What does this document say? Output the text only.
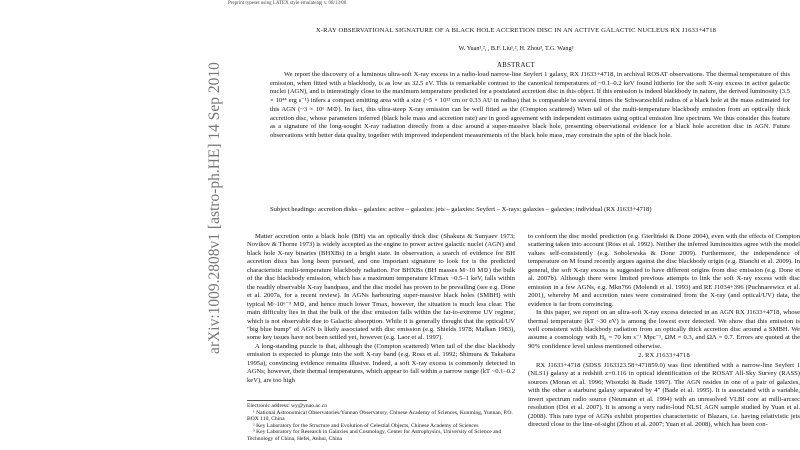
Preprint typeset using LATEX style emulateapj v. 08/13/06
arXiv:1009.2808v1 [astro-ph.HE] 14 Sep 2010
X-RAY OBSERVATIONAL SIGNATURE OF A BLACK HOLE ACCRETION DISC IN AN ACTIVE GALACTIC NUCLEUS RX J1633+4718
W. Yuan¹,², , B.F. Liu¹,², H. Zhou³, T.G. Wang³
ABSTRACT

We report the discovery of a luminous ultra-soft X-ray excess in a radio-loud narrow-line Seyfert 1 galaxy, RX J1633+4718, in archival ROSAT observations. The thermal temperature of this emission, when fitted with a blackbody, is as low as 32.5 eV. This is remarkable contrast to the canonical temperatures of ~0.1–0.2 keV found hitherto for the soft X-ray excess in active galactic nuclei (AGN), and is interestingly close to the maximum temperature predicted for a postulated accretion disc in this object. If this emission is indeed blackbody in nature, the derived luminosity (3.5 × 10⁴⁴ erg s⁻¹) infers a compact emitting area with a size (~5 × 10¹² cm or 0.33 AU in radius) that is comparable to several times the Schwarzschild radius of a black hole at the mass estimated for this AGN (~3 × 10⁶ M⊙). In fact, this ultra-steep X-ray emission can be well fitted as the (Compton scattered) Wien tail of the multi-temperature blackbody emission from an optically thick accretion disc, whose parameters inferred (black hole mass and accretion rate) are in good agreement with independent estimates using optical emission line spectrum. We thus consider this feature as a signature of the long-sought X-ray radiation directly from a disc around a super-massive black hole, presenting observational evidence for a black hole accretion disc in AGN. Future observations with better data quality, together with improved independent measurements of the black hole mass, may constrain the spin of the black hole.

Subject headings: accretion disks – galaxies: active – galaxies: jets – galaxies: Seyfert – X-rays: galaxies – galaxies: individual (RX J1633+4718)

Matter accretion onto a black hole (BH) via an optically thick disc (Shakura & Sunyaev 1973; Novikov & Thorne 1973) is widely accepted as the engine to power active galactic nuclei (AGN) and black hole X-ray binaries (BHXBs) in a bright state. In observation, a search of evidence for BH accretion discs has long been pursued, and one important signature to look for is the predicted characteristic multi-temperature blackbody radiation. For BHXBs (BH masses M~10 M⊙) the bulk of the disc blackbody emission, which has a maximum temperature kTmax ~0.5–1 keV, falls within the readily observable X-ray bandpass, and the disc model has proven to be prevailing (see e.g. Done et al. 2007a, for a recent review). In AGNs harbouring super-massive black holes (SMBH) with typical M~10⁶⁻⁹ M⊙, and hence much lower Tmax, however, the situation is much less clear. The main difficulty lies in that the bulk of the disc emission falls within the far-to-extreme UV regime, which is not observable due to Galactic absorption. While it is generally thought that the optical/UV "big blue bump" of AGN is likely associated with disc emission (e.g. Shields 1978; Malkan 1983), some key issues have not been settled yet, however (e.g. Laor et al. 1997).

A long-standing puzzle is that, although the (Compton scattered) Wien tail of the disc blackbody emission is expected to plunge into the soft X-ray band (e.g. Ross et al. 1992; Shimura & Takahara 1995a), convincing evidence remains illusive. Indeed, a soft X-ray excess is commonly detected in AGNs; however, their thermal temperatures, which appear to fall within a narrow range (kT ~0.1–0.2 keV), are too high

Electronic address: wy@ynao.ac.cn

¹ National Astronomical Observatories/Yunnan Observatory, Chinese Academy of Sciences, Kunming, Yunnan, P.O. BOX 110, China

² Key Laboratory for the Structure and Evolution of Celestial Objects, Chinese Academy of Sciences

³ Key Laboratory for Research in Galaxies and Cosmology, Center for Astrophysics, University of Science and Technology of China, Hefei, Anhui, China

to conform the disc model prediction (e.g. Gierliński & Done 2004), even with the effects of Compton scattering taken into account (Ross et al. 1992). Neither the inferred luminosities agree with the model values self-consistently (e.g. Sobolewska & Done 2009). Furthermore, the independence of temperature on M found recently argues against the disc blackbody origin (e.g. Bianchi et al. 2009). In general, the soft X-ray excess is suggested to have different origins from disc emission (e.g. Done et al. 2007b). Although there were limited previous attempts to link the soft X-ray excess with disc emission in a few AGNs, e.g. Mkn766 (Molendi et al. 1993) and RE J1034+396 (Puchnarewicz et al. 2001), whereby M and accretion rates were constrained from the X-ray (and optical/UV) data, the evidence is far from convincing.

In this paper, we report on an ultra-soft X-ray excess detected in an AGN RX J1633+4718, whose thermal temperature (kT ~30 eV) is among the lowest ever detected. We show that this emission is well consistent with blackbody radiation from an optically thick accretion disc around a SMBH. We assume a cosmology with H₀ = 70 km s⁻¹ Mpc⁻¹, ΩM = 0.3, and ΩΛ = 0.7. Errors are quoted at the 90% confidence level unless mentioned otherwise.

2. RX J1633+4718

RX J1633+4718 (SDSS J163323.58+471859.0) was first identified with a narrow-line Seyfert 1 (NLS1) galaxy at a redshift z=0.116 in optical identification of the ROSAT All-Sky Survey (RASS) sources (Moran et al. 1996; Wisotzki & Bade 1997). The AGN resides in one of a pair of galaxies, with the other a starburst galaxy separated by 4" (Bade et al. 1995). It is associated with a variable, invert spectrum radio source (Neumann et al. 1994) with an unresolved VLBI core at milli-arcsec resolution (Doi et al. 2007). It is among a very radio-loud NLS1 AGN sample studied by Yuan et al. (2008). This rare type of AGNs exhibit properties characteristic of Blazars, i.e. having relativistic jets directed close to the line-of-sight (Zhou et al. 2007; Yuan et al. 2008), which has been con-
